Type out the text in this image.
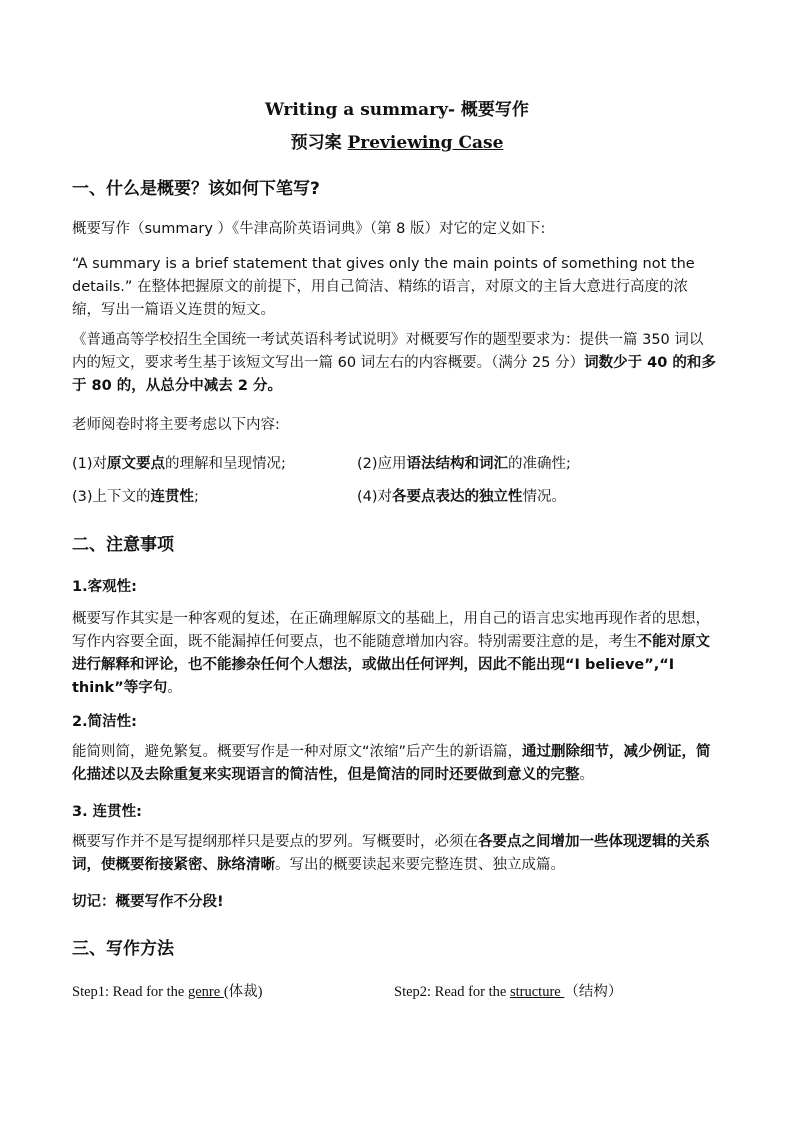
Writing a summary- 概要写作
预习案 Previewing Case
一、什么是概要？该如何下笔写?
概要写作（summary ）《牛津高阶英语词典》（第 8 版）对它的定义如下:
“A summary is a brief statement that gives only the main points of something not the details.” 在整体把握原文的前提下，用自己简洁、精练的语言，对原文的主旨大意进行高度的浓缩，写出一篇语义连贯的短文。
《普通高等学校招生全国统一考试英语科考试说明》对概要写作的题型要求为：提供一篇 350 词以内的短文，要求考生基于该短文写出一篇 60 词左右的内容概要。（满分 25 分）词数少于 40 的和多于 80 的，从总分中减去 2 分。
老师阅卷时将主要考虑以下内容:
(1)对原文要点的理解和呈现情况;	(2)应用语法结构和词汇的准确性;
(3)上下文的连贯性;	(4)对各要点表达的独立性情况。
二、注意事项
1.客观性:
概要写作其实是一种客观的复述，在正确理解原文的基础上，用自己的语言忠实地再现作者的思想，写作内容要全面，既不能漏掉任何要点，也不能随意增加内容。特别需要注意的是，考生不能对原文进行解释和评论，也不能掺杂任何个人想法，或做出任何评判，因此不能出现“I believe”,“I think”等字句。
2.简洁性:
能简则简，避免繁复。概要写作是一种对原文“浓缩”后产生的新语篇，通过删除细节，减少例证，简化描述以及去除重复来实现语言的简洁性，但是简洁的同时还要做到意义的完整。
3. 连贯性:
概要写作并不是写提纲那样只是要点的罗列。写概要时，必须在各要点之间增加一些体现逻辑的关系词，使概要衔接紧密、脉络清晰。写出的概要读起来要完整连贯、独立成篇。
切记：概要写作不分段!
三、写作方法
Step1: Read for the genre (体裁)	Step2: Read for the structure （结构）
